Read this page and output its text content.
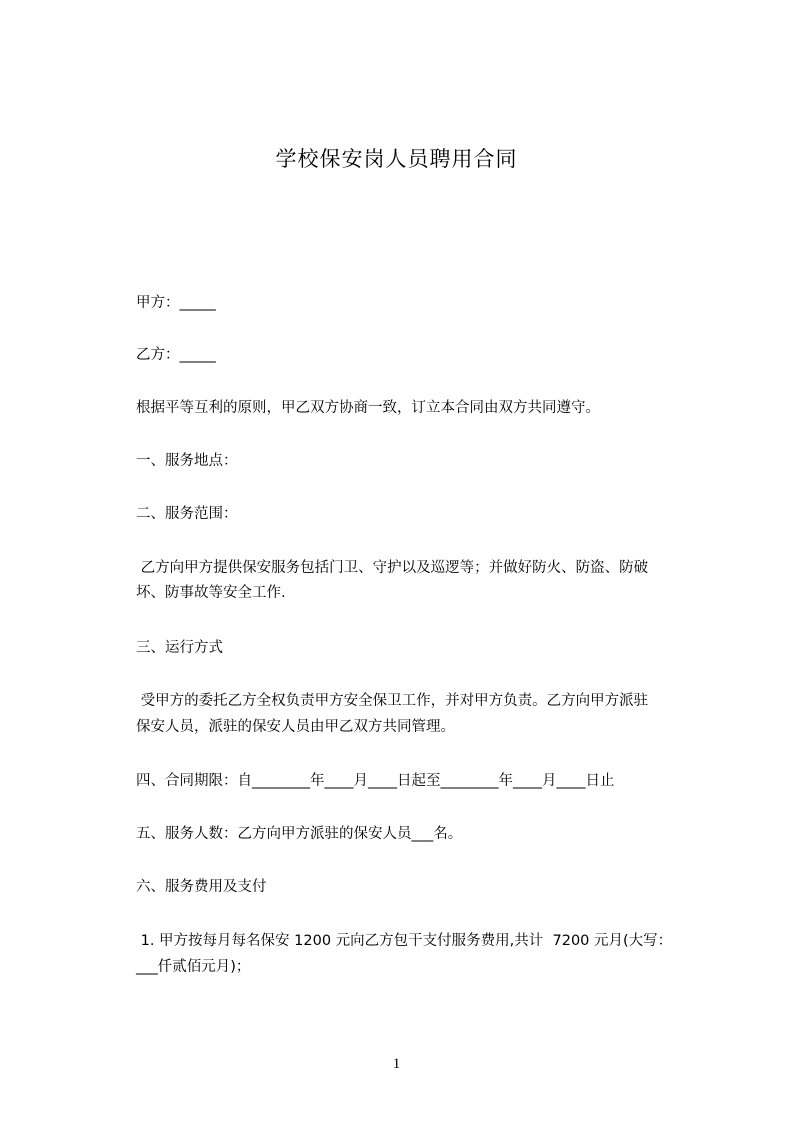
学校保安岗人员聘用合同
甲方：_____
乙方：_____
根据平等互利的原则，甲乙双方协商一致，订立本合同由双方共同遵守。
一、服务地点：
二、服务范围：
乙方向甲方提供保安服务包括门卫、守护以及巡逻等；并做好防火、防盗、防破
坏、防事故等安全工作.
三、运行方式
受甲方的委托乙方全权负责甲方安全保卫工作，并对甲方负责。乙方向甲方派驻
保安人员，派驻的保安人员由甲乙双方共同管理。
四、合同期限：自________年____月____日起至________年____月____日止
五、服务人数：乙方向甲方派驻的保安人员___名。
六、服务费用及支付
1. 甲方按每月每名保安 1200 元向乙方包干支付服务费用,共计  7200 元月(大写：
___仟贰佰元月)；
1
